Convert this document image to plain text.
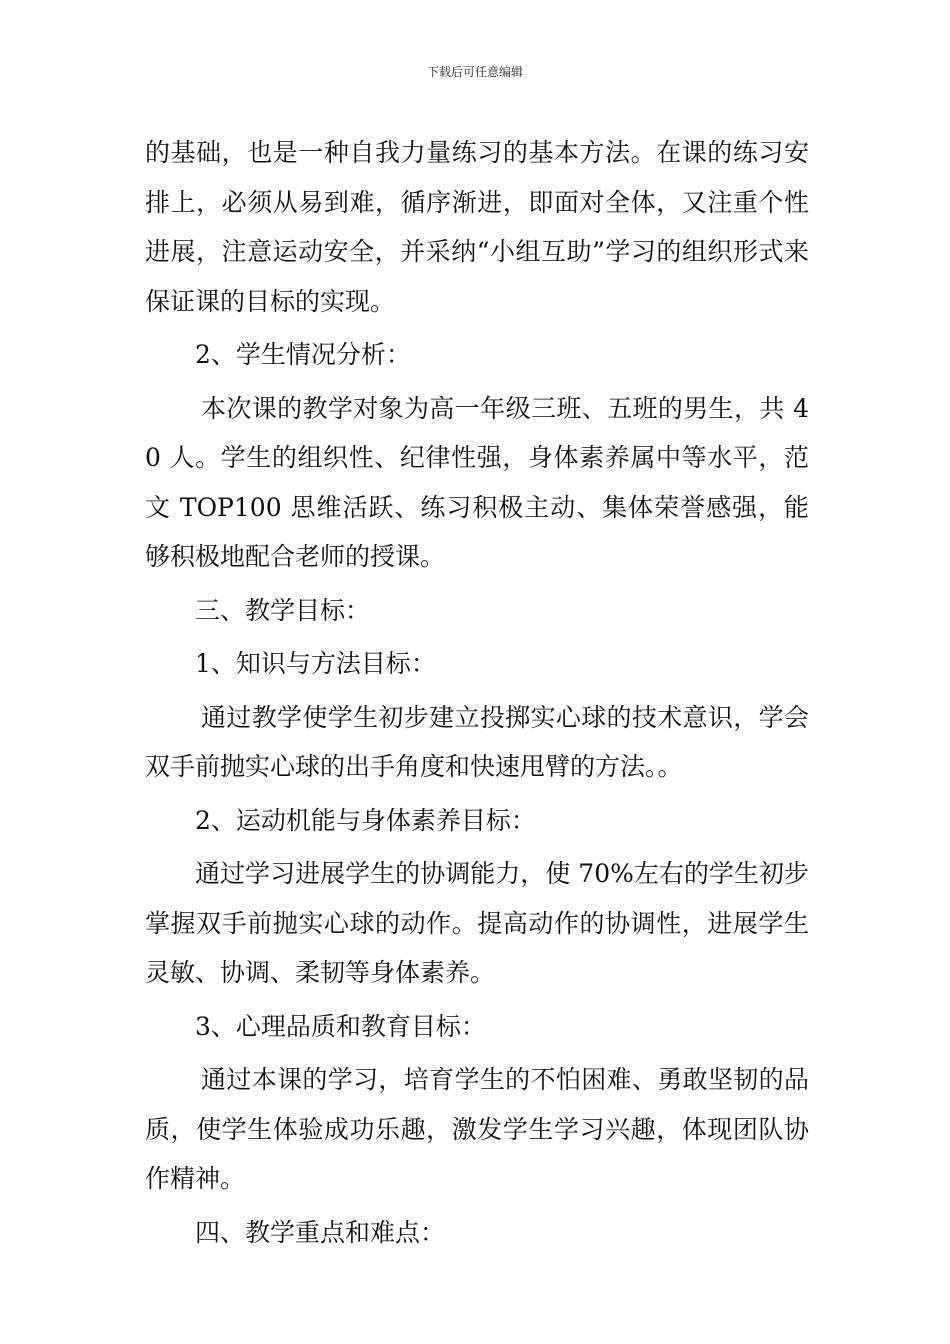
下载后可任意编辑

的基础，也是一种自我力量练习的基本方法。在课的练习安排上，必须从易到难，循序渐进，即面对全体，又注重个性进展，注意运动安全，并采纳“小组互助”学习的组织形式来保证课的目标的实现。

2、学生情况分析：

本次课的教学对象为高一年级三班、五班的男生，共 40 人。学生的组织性、纪律性强，身体素养属中等水平，范文 TOP100 思维活跃、练习积极主动、集体荣誉感强，能够积极地配合老师的授课。

三、教学目标：

1、知识与方法目标：

通过教学使学生初步建立投掷实心球的技术意识，学会双手前抛实心球的出手角度和快速甩臂的方法。。

2、运动机能与身体素养目标：

通过学习进展学生的协调能力，使 70%左右的学生初步掌握双手前抛实心球的动作。提高动作的协调性，进展学生灵敏、协调、柔韧等身体素养。

3、心理品质和教育目标：

通过本课的学习，培育学生的不怕困难、勇敢坚韧的品质，使学生体验成功乐趣，激发学生学习兴趣，体现团队协作精神。

四、教学重点和难点：
